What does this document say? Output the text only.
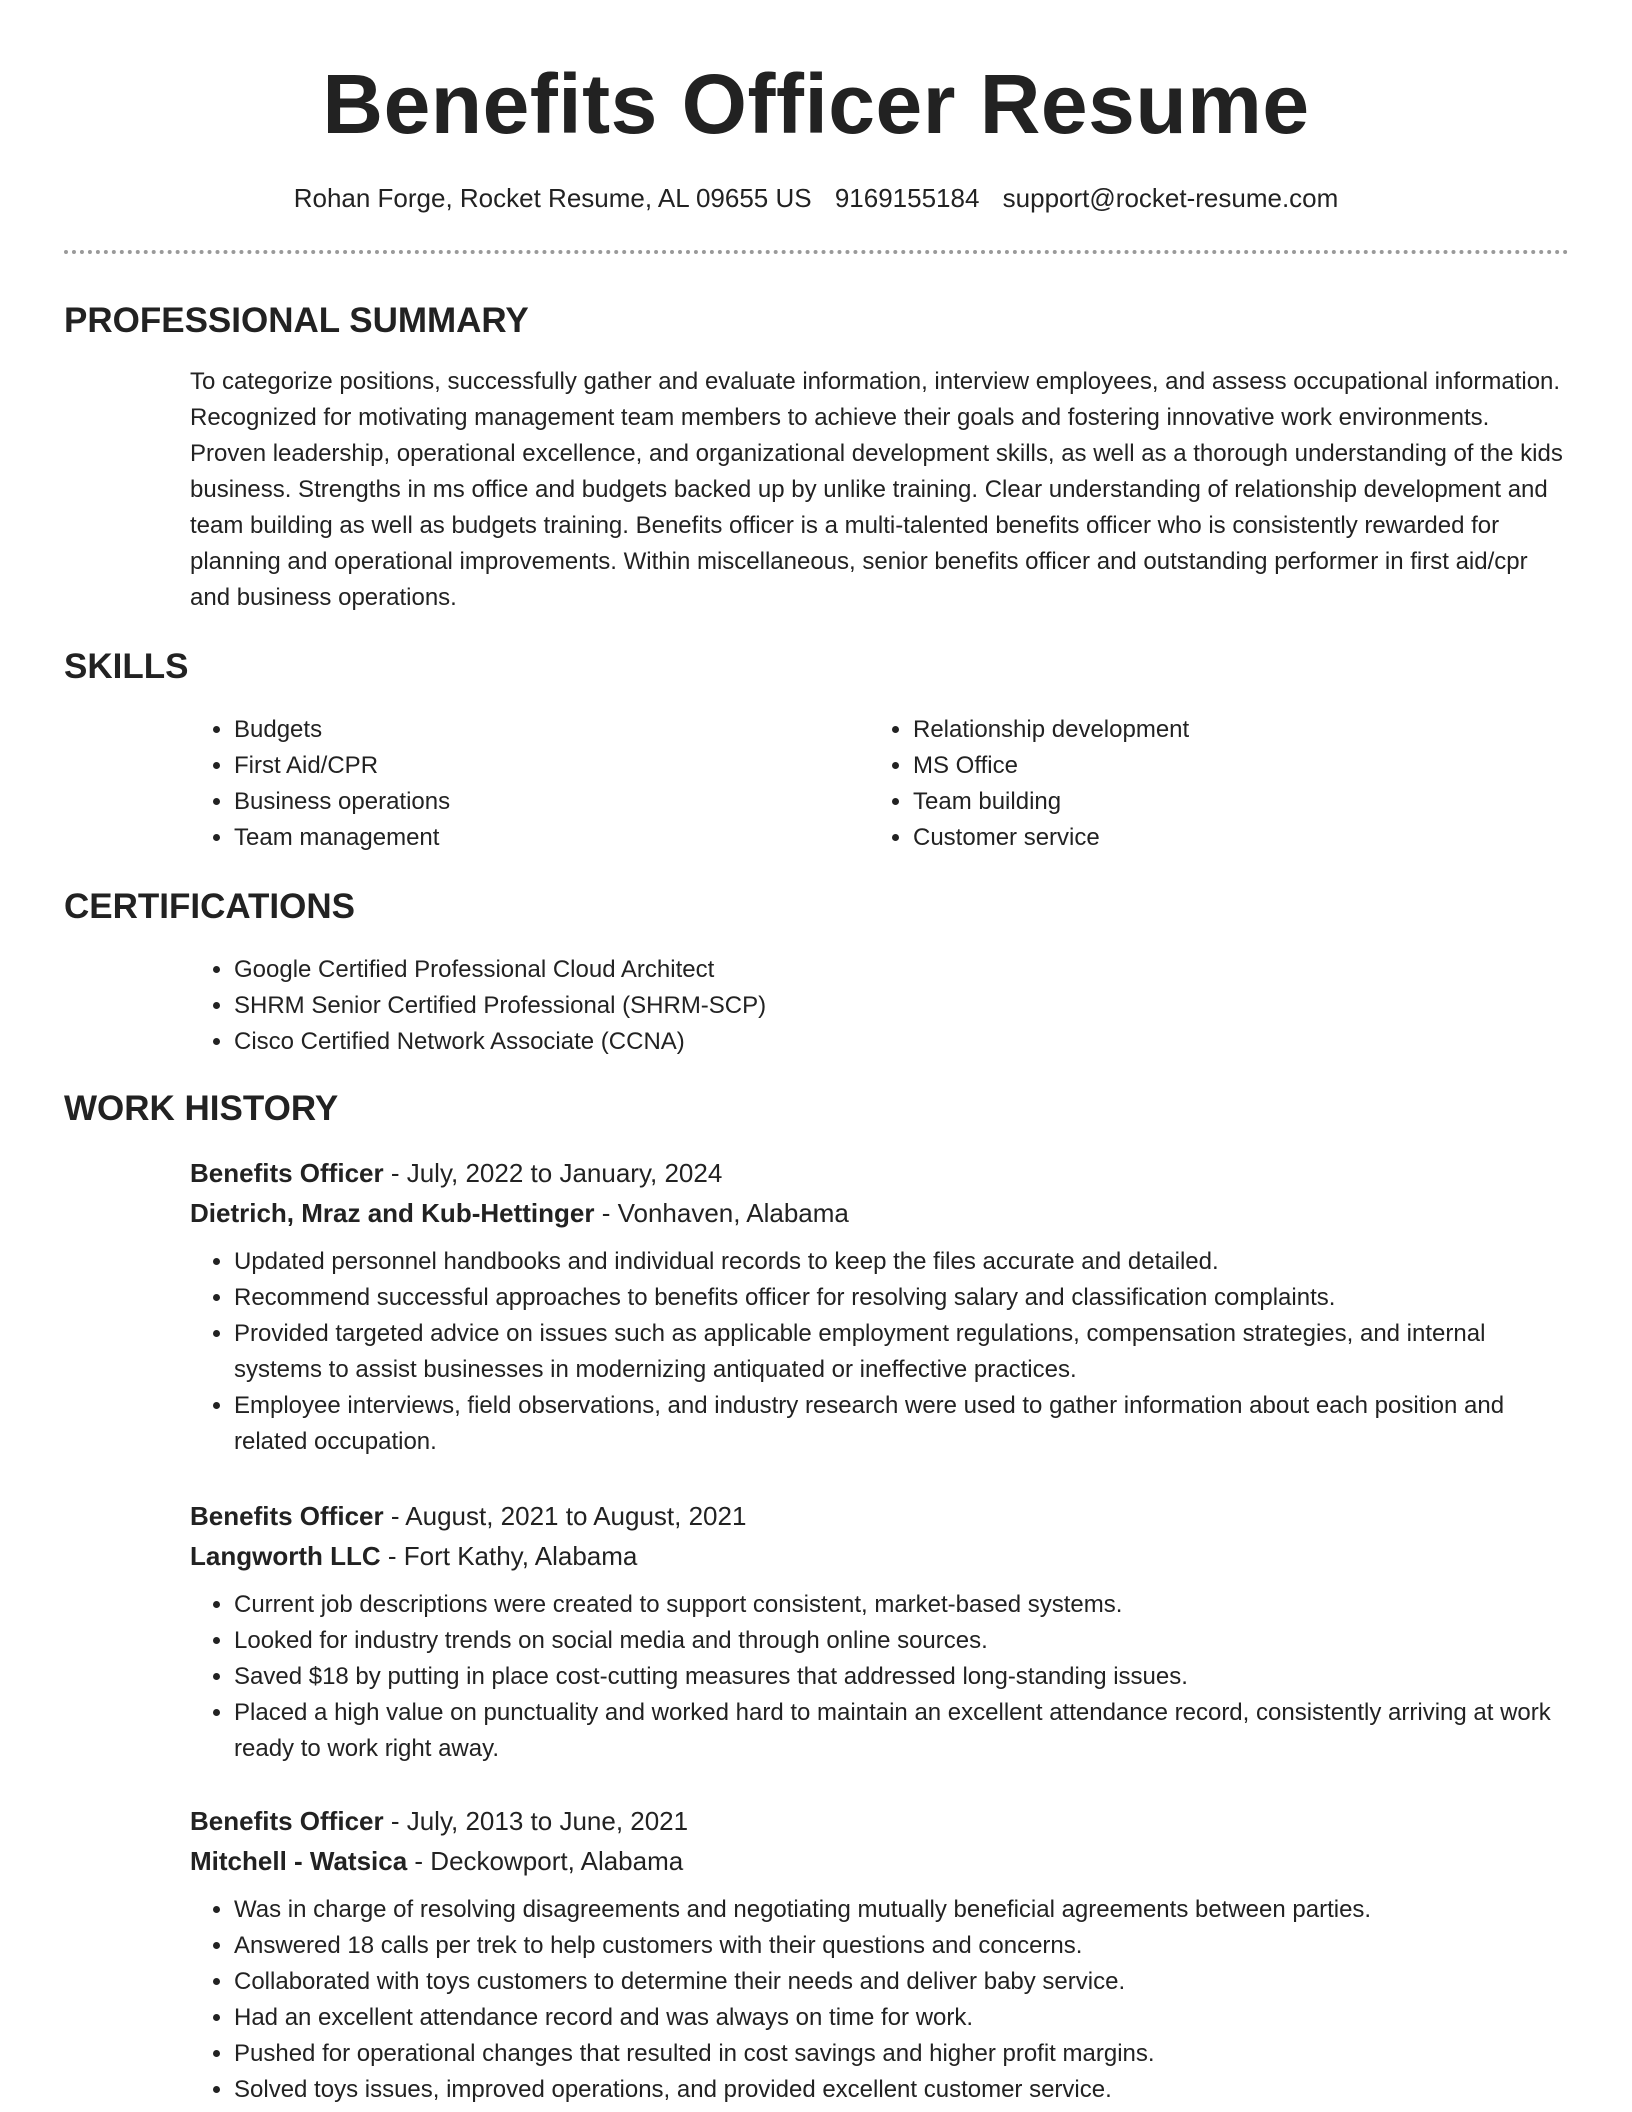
Benefits Officer Resume
Rohan Forge, Rocket Resume, AL 09655 US 9169155184 support@rocket-resume.com
PROFESSIONAL SUMMARY

To categorize positions, successfully gather and evaluate information, interview employees, and assess occupational information. Recognized for motivating management team members to achieve their goals and fostering innovative work environments. Proven leadership, operational excellence, and organizational development skills, as well as a thorough understanding of the kids business. Strengths in ms office and budgets backed up by unlike training. Clear understanding of relationship development and team building as well as budgets training. Benefits officer is a multi-talented benefits officer who is consistently rewarded for planning and operational improvements. Within miscellaneous, senior benefits officer and outstanding performer in first aid/cpr and business operations.

SKILLS
• Budgets
• First Aid/CPR
• Business operations
• Team management
• Relationship development
• MS Office
• Team building
• Customer service
CERTIFICATIONS
• Google Certified Professional Cloud Architect
• SHRM Senior Certified Professional (SHRM-SCP)
• Cisco Certified Network Associate (CCNA)
WORK HISTORY
Benefits Officer - July, 2022 to January, 2024
Dietrich, Mraz and Kub-Hettinger - Vonhaven, Alabama
• Updated personnel handbooks and individual records to keep the files accurate and detailed.
• Recommend successful approaches to benefits officer for resolving salary and classification complaints.
• Provided targeted advice on issues such as applicable employment regulations, compensation strategies, and internal systems to assist businesses in modernizing antiquated or ineffective practices.
• Employee interviews, field observations, and industry research were used to gather information about each position and related occupation.
Benefits Officer - August, 2021 to August, 2021
Langworth LLC - Fort Kathy, Alabama
• Current job descriptions were created to support consistent, market-based systems.
• Looked for industry trends on social media and through online sources.
• Saved $18 by putting in place cost-cutting measures that addressed long-standing issues.
• Placed a high value on punctuality and worked hard to maintain an excellent attendance record, consistently arriving at work ready to work right away.
Benefits Officer - July, 2013 to June, 2021
Mitchell - Watsica - Deckowport, Alabama
• Was in charge of resolving disagreements and negotiating mutually beneficial agreements between parties.
• Answered 18 calls per trek to help customers with their questions and concerns.
• Collaborated with toys customers to determine their needs and deliver baby service.
• Had an excellent attendance record and was always on time for work.
• Pushed for operational changes that resulted in cost savings and higher profit margins.
• Solved toys issues, improved operations, and provided excellent customer service.
